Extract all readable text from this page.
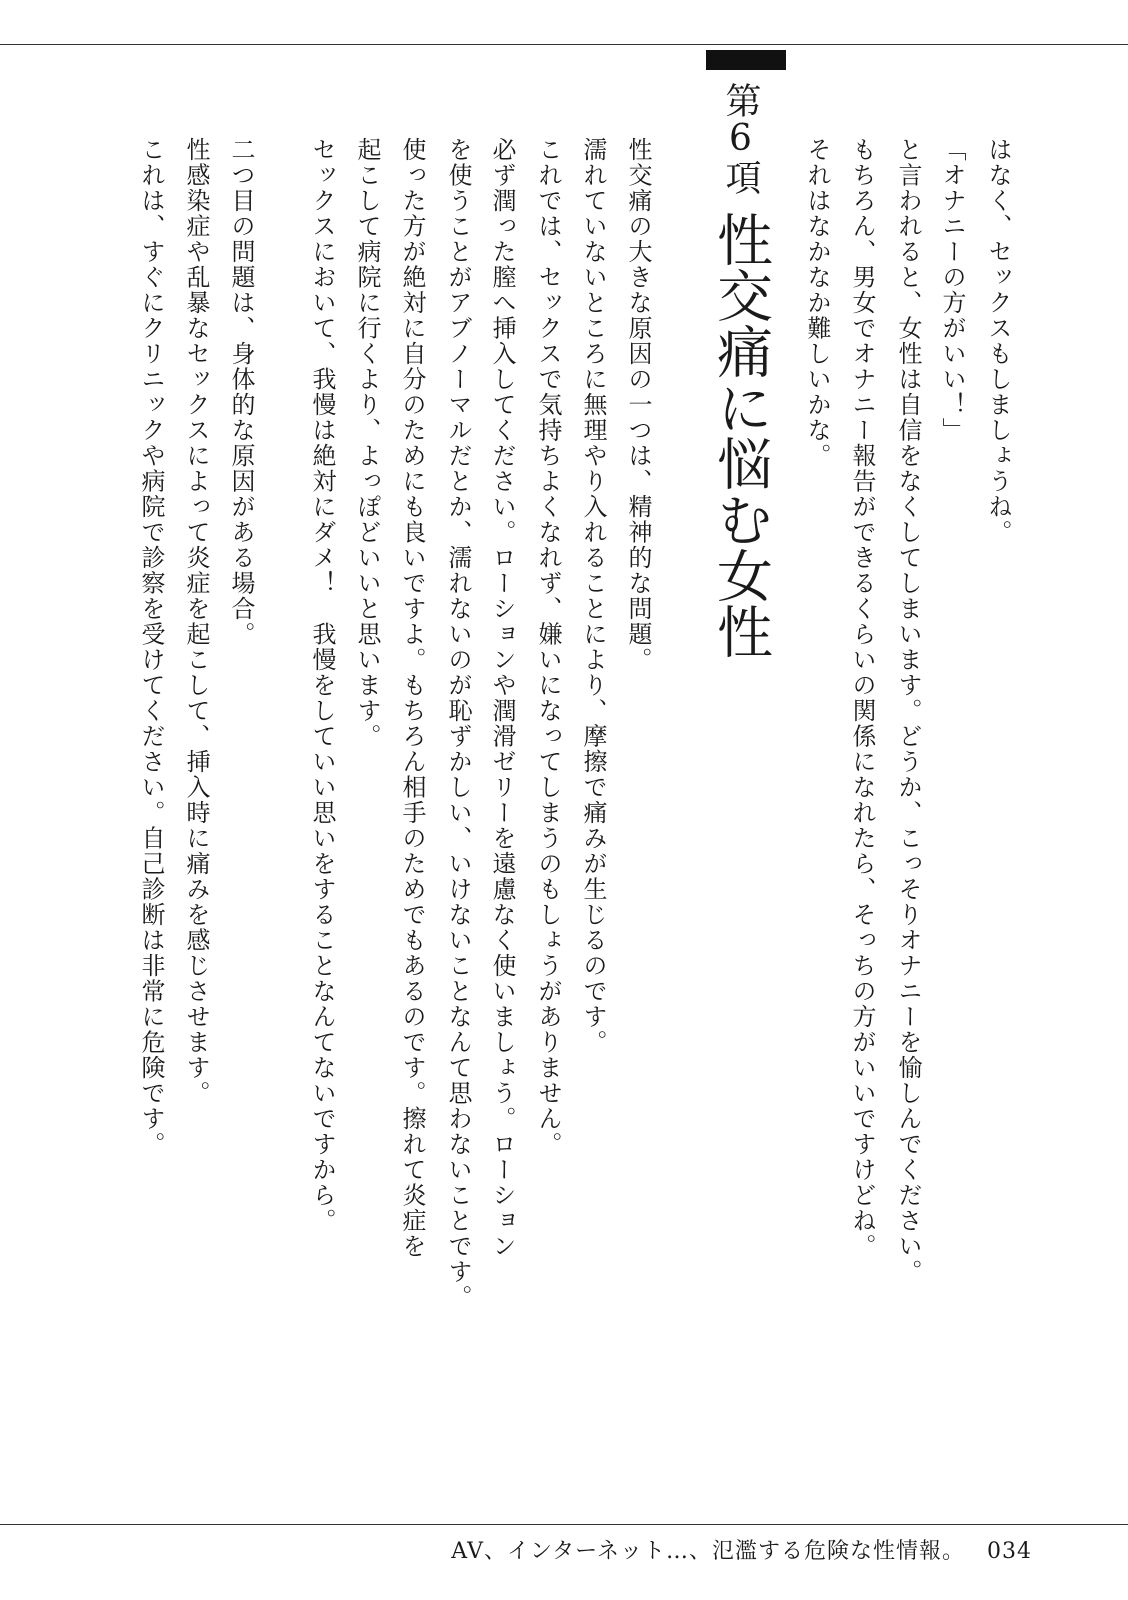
第6項性交痛に悩む女性	はなく、セックスもしましょうね。

「オナニーの方がいい！」

と言われると、女性は自信をなくしてしまいます。どうか、こっそりオナニーを愉しんでください。

もちろん、男女でオナニー報告ができるくらいの関係になれたら、そっちの方がいいですけどね。

それはなかなか難しいかな。

性交痛の大きな原因の一つは、精神的な問題。

濡れていないところに無理やり入れることにより、摩擦で痛みが生じるのです。

これでは、セックスで気持ちよくなれず、嫌いになってしまうのもしょうがありません。

必ず潤った膣へ挿入してください。ローションや潤滑ゼリーを遠慮なく使いましょう。ローション

を使うことがアブノーマルだとか、濡れないのが恥ずかしい、いけないことなんて思わないことです。

使った方が絶対に自分のためにも良いですよ。もちろん相手のためでもあるのです。擦れて炎症を

起こして病院に行くより、よっぽどいいと思います。

セックスにおいて、我慢は絶対にダメ！　我慢をしていい思いをすることなんてないですから。

二つ目の問題は、身体的な原因がある場合。

性感染症や乱暴なセックスによって炎症を起こして、挿入時に痛みを感じさせます。

これは、すぐにクリニックや病院で診察を受けてください。自己診断は非常に危険です。

AV、インターネット…、氾濫する危険な性情報。 034
